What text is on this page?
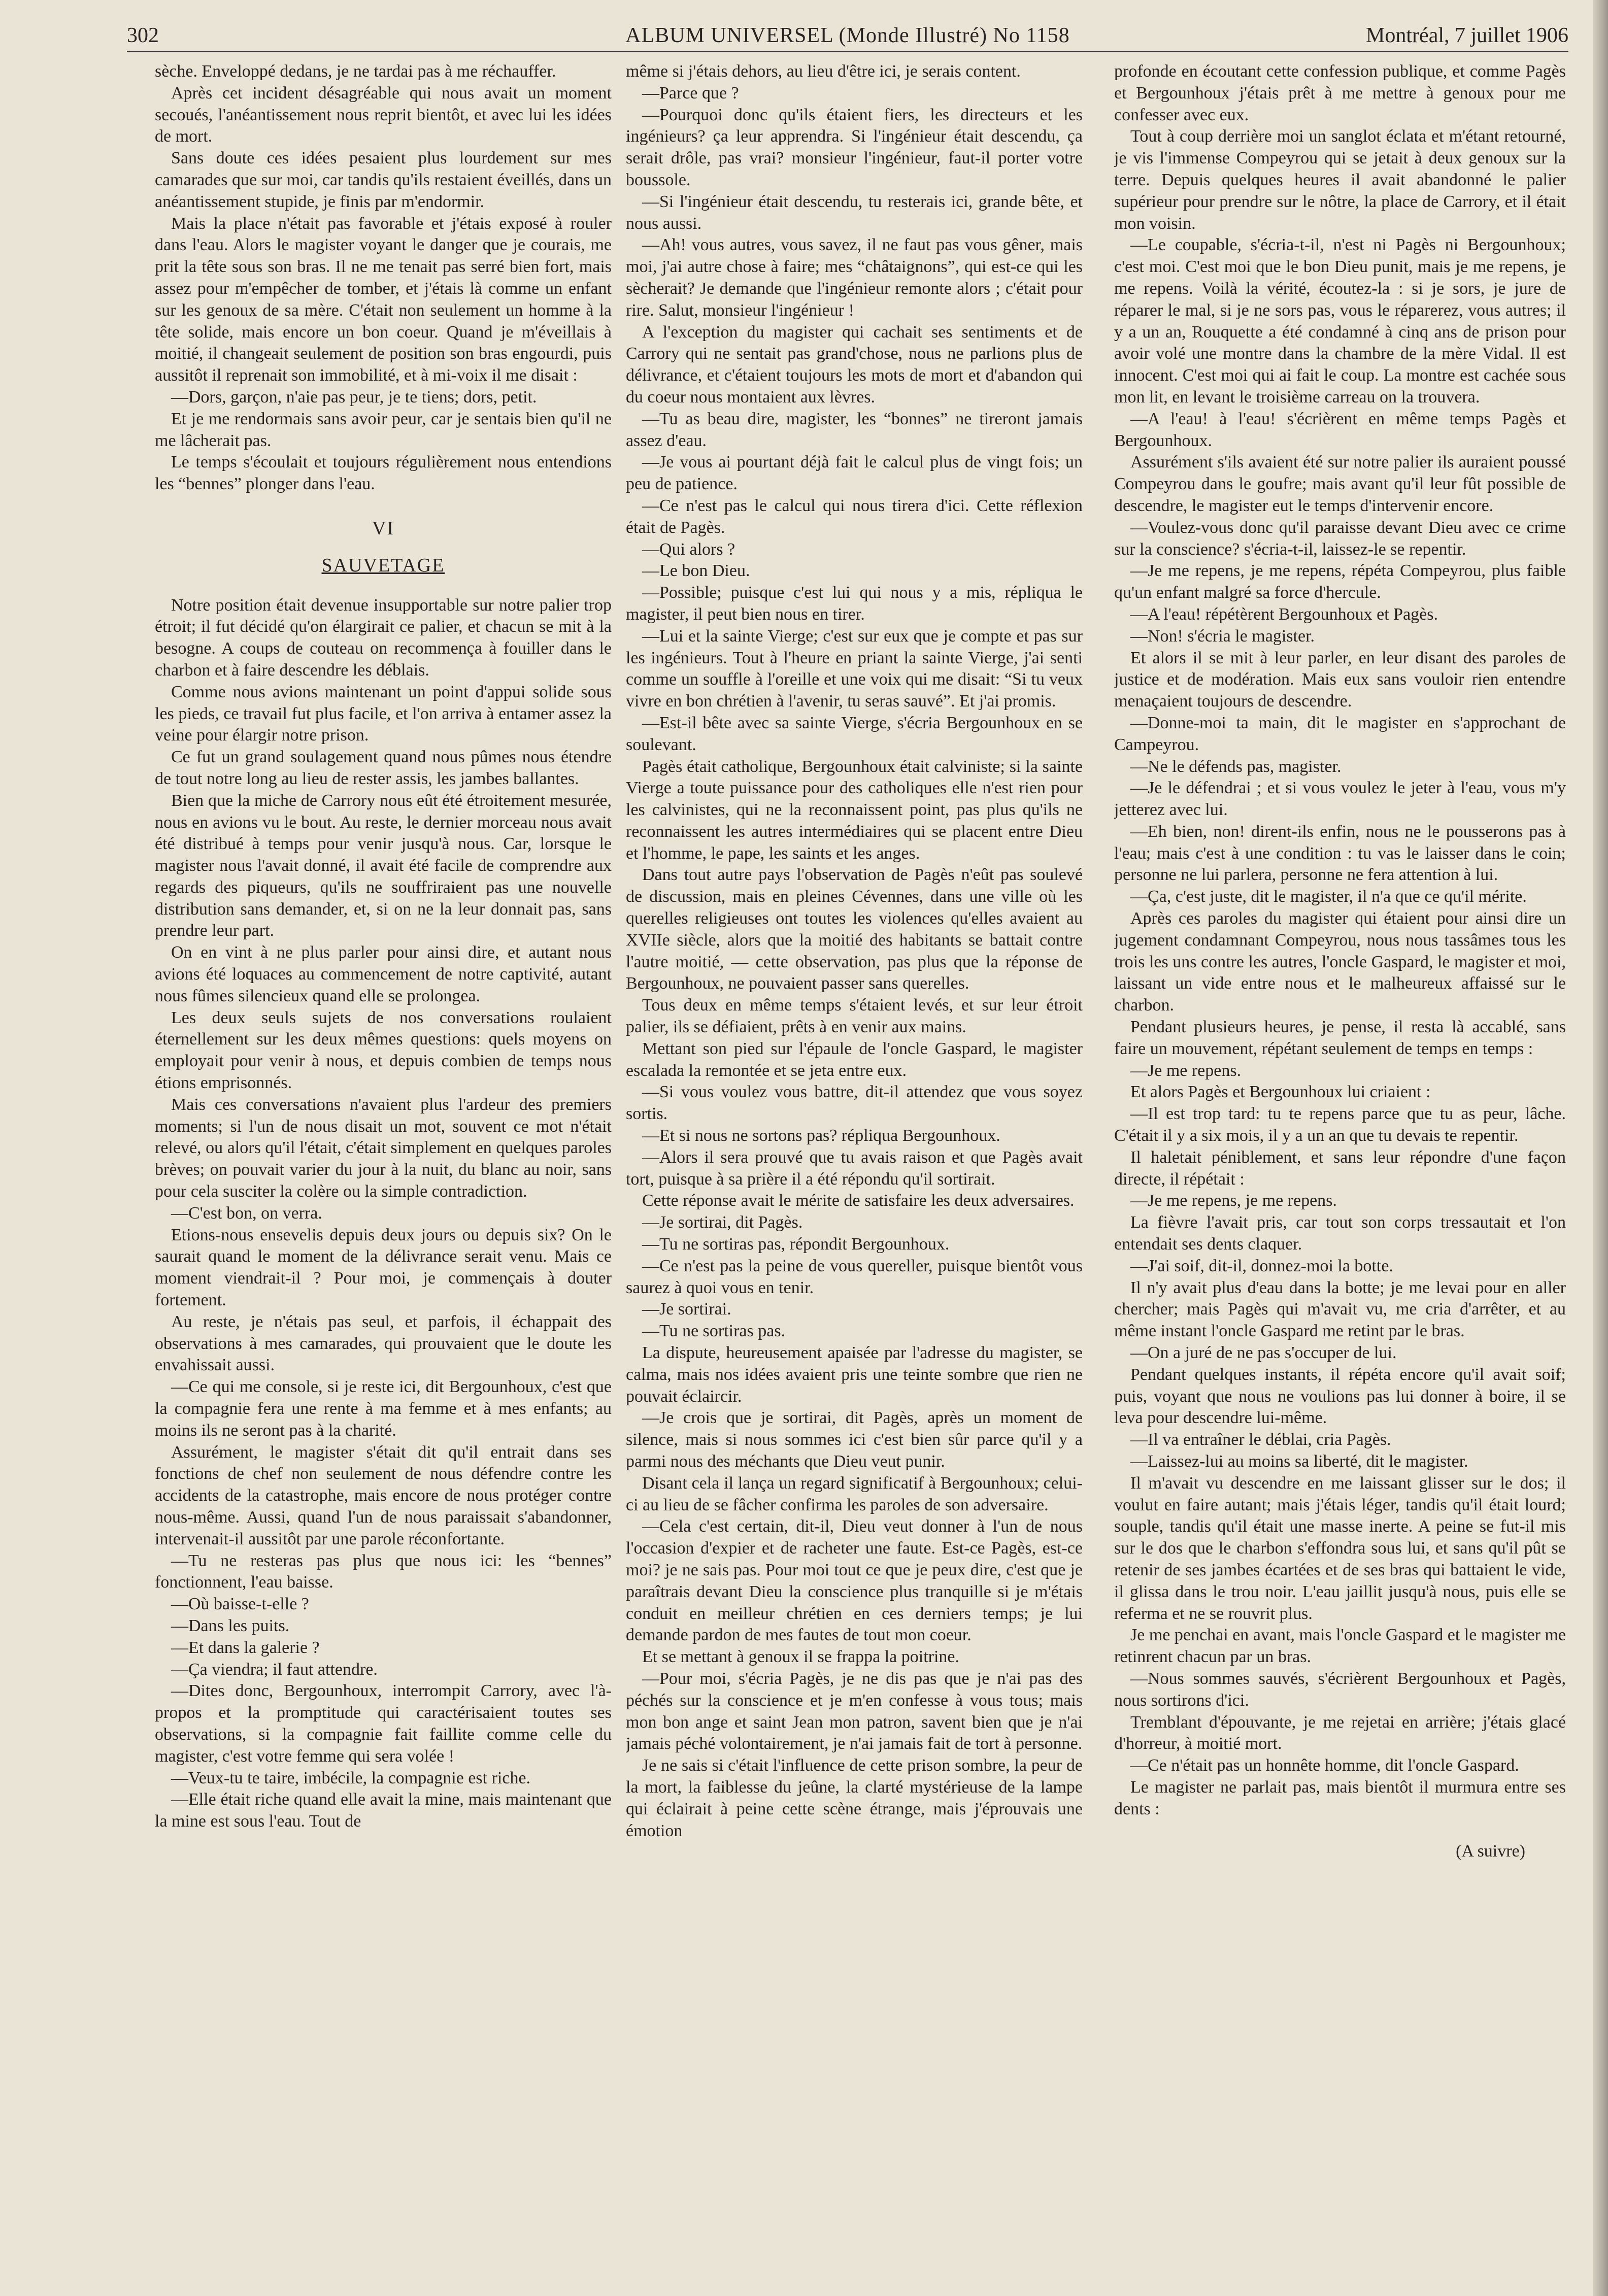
302	ALBUM UNIVERSEL (Monde Illustré) No 1158	Montréal, 7 juillet 1906

sèche. Enveloppé dedans, je ne tardai pas à me réchauffer.

Après cet incident désagréable qui nous avait un moment secoués, l'anéantissement nous reprit bientôt, et avec lui les idées de mort.

Sans doute ces idées pesaient plus lourdement sur mes camarades que sur moi, car tandis qu'ils restaient éveillés, dans un anéantissement stupide, je finis par m'endormir.

Mais la place n'était pas favorable et j'étais exposé à rouler dans l'eau. Alors le magister voyant le danger que je courais, me prit la tête sous son bras. Il ne me tenait pas serré bien fort, mais assez pour m'empêcher de tomber, et j'étais là comme un enfant sur les genoux de sa mère. C'était non seulement un homme à la tête solide, mais encore un bon coeur. Quand je m'éveillais à moitié, il changeait seulement de position son bras engourdi, puis aussitôt il reprenait son immobilité, et à mi-voix il me disait :

—Dors, garçon, n'aie pas peur, je te tiens; dors, petit.

Et je me rendormais sans avoir peur, car je sentais bien qu'il ne me lâcherait pas.

Le temps s'écoulait et toujours régulièrement nous entendions les “bennes” plonger dans l'eau.

VI

SAUVETAGE

Notre position était devenue insupportable sur notre palier trop étroit; il fut décidé qu'on élargirait ce palier, et chacun se mit à la besogne. A coups de couteau on recommença à fouiller dans le charbon et à faire descendre les déblais.

Comme nous avions maintenant un point d'appui solide sous les pieds, ce travail fut plus facile, et l'on arriva à entamer assez la veine pour élargir notre prison.

Ce fut un grand soulagement quand nous pûmes nous étendre de tout notre long au lieu de rester assis, les jambes ballantes.

Bien que la miche de Carrory nous eût été étroitement mesurée, nous en avions vu le bout. Au reste, le dernier morceau nous avait été distribué à temps pour venir jusqu'à nous. Car, lorsque le magister nous l'avait donné, il avait été facile de comprendre aux regards des piqueurs, qu'ils ne souffriraient pas une nouvelle distribution sans demander, et, si on ne la leur donnait pas, sans prendre leur part.

On en vint à ne plus parler pour ainsi dire, et autant nous avions été loquaces au commencement de notre captivité, autant nous fûmes silencieux quand elle se prolongea.

Les deux seuls sujets de nos conversations roulaient éternellement sur les deux mêmes questions: quels moyens on employait pour venir à nous, et depuis combien de temps nous étions emprisonnés.

Mais ces conversations n'avaient plus l'ardeur des premiers moments; si l'un de nous disait un mot, souvent ce mot n'était relevé, ou alors qu'il l'était, c'était simplement en quelques paroles brèves; on pouvait varier du jour à la nuit, du blanc au noir, sans pour cela susciter la colère ou la simple contradiction.

—C'est bon, on verra.

Etions-nous ensevelis depuis deux jours ou depuis six? On le saurait quand le moment de la délivrance serait venu. Mais ce moment viendrait-il ? Pour moi, je commençais à douter fortement.

Au reste, je n'étais pas seul, et parfois, il échappait des observations à mes camarades, qui prouvaient que le doute les envahissait aussi.

—Ce qui me console, si je reste ici, dit Bergounhoux, c'est que la compagnie fera une rente à ma femme et à mes enfants; au moins ils ne seront pas à la charité.

Assurément, le magister s'était dit qu'il entrait dans ses fonctions de chef non seulement de nous défendre contre les accidents de la catastrophe, mais encore de nous protéger contre nous-même. Aussi, quand l'un de nous paraissait s'abandonner, intervenait-il aussitôt par une parole réconfortante.

—Tu ne resteras pas plus que nous ici: les “bennes” fonctionnent, l'eau baisse.

—Où baisse-t-elle ?

—Dans les puits.

—Et dans la galerie ?

—Ça viendra; il faut attendre.

—Dites donc, Bergounhoux, interrompit Carrory, avec l'à-propos et la promptitude qui caractérisaient toutes ses observations, si la compagnie fait faillite comme celle du magister, c'est votre femme qui sera volée !

—Veux-tu te taire, imbécile, la compagnie est riche.

—Elle était riche quand elle avait la mine, mais maintenant que la mine est sous l'eau. Tout de

même si j'étais dehors, au lieu d'être ici, je serais content.

—Parce que ?

—Pourquoi donc qu'ils étaient fiers, les directeurs et les ingénieurs? ça leur apprendra. Si l'ingénieur était descendu, ça serait drôle, pas vrai? monsieur l'ingénieur, faut-il porter votre boussole.

—Si l'ingénieur était descendu, tu resterais ici, grande bête, et nous aussi.

—Ah! vous autres, vous savez, il ne faut pas vous gêner, mais moi, j'ai autre chose à faire; mes “châtaignons”, qui est-ce qui les sècherait? Je demande que l'ingénieur remonte alors ; c'était pour rire. Salut, monsieur l'ingénieur !

A l'exception du magister qui cachait ses sentiments et de Carrory qui ne sentait pas grand'chose, nous ne parlions plus de délivrance, et c'étaient toujours les mots de mort et d'abandon qui du coeur nous montaient aux lèvres.

—Tu as beau dire, magister, les “bonnes” ne tireront jamais assez d'eau.

—Je vous ai pourtant déjà fait le calcul plus de vingt fois; un peu de patience.

—Ce n'est pas le calcul qui nous tirera d'ici. Cette réflexion était de Pagès.

—Qui alors ?

—Le bon Dieu.

—Possible; puisque c'est lui qui nous y a mis, répliqua le magister, il peut bien nous en tirer.

—Lui et la sainte Vierge; c'est sur eux que je compte et pas sur les ingénieurs. Tout à l'heure en priant la sainte Vierge, j'ai senti comme un souffle à l'oreille et une voix qui me disait: “Si tu veux vivre en bon chrétien à l'avenir, tu seras sauvé”. Et j'ai promis.

—Est-il bête avec sa sainte Vierge, s'écria Bergounhoux en se soulevant.

Pagès était catholique, Bergounhoux était calviniste; si la sainte Vierge a toute puissance pour des catholiques elle n'est rien pour les calvinistes, qui ne la reconnaissent point, pas plus qu'ils ne reconnaissent les autres intermédiaires qui se placent entre Dieu et l'homme, le pape, les saints et les anges.

Dans tout autre pays l'observation de Pagès n'eût pas soulevé de discussion, mais en pleines Cévennes, dans une ville où les querelles religieuses ont toutes les violences qu'elles avaient au XVIIe siècle, alors que la moitié des habitants se battait contre l'autre moitié, — cette observation, pas plus que la réponse de Bergounhoux, ne pouvaient passer sans querelles.

Tous deux en même temps s'étaient levés, et sur leur étroit palier, ils se défiaient, prêts à en venir aux mains.

Mettant son pied sur l'épaule de l'oncle Gaspard, le magister escalada la remontée et se jeta entre eux.

—Si vous voulez vous battre, dit-il attendez que vous soyez sortis.

—Et si nous ne sortons pas? répliqua Bergounhoux.

—Alors il sera prouvé que tu avais raison et que Pagès avait tort, puisque à sa prière il a été répondu qu'il sortirait.

Cette réponse avait le mérite de satisfaire les deux adversaires.

—Je sortirai, dit Pagès.

—Tu ne sortiras pas, répondit Bergounhoux.

—Ce n'est pas la peine de vous quereller, puisque bientôt vous saurez à quoi vous en tenir.

—Je sortirai.

—Tu ne sortiras pas.

La dispute, heureusement apaisée par l'adresse du magister, se calma, mais nos idées avaient pris une teinte sombre que rien ne pouvait éclaircir.

—Je crois que je sortirai, dit Pagès, après un moment de silence, mais si nous sommes ici c'est bien sûr parce qu'il y a parmi nous des méchants que Dieu veut punir.

Disant cela il lança un regard significatif à Bergounhoux; celui-ci au lieu de se fâcher confirma les paroles de son adversaire.

—Cela c'est certain, dit-il, Dieu veut donner à l'un de nous l'occasion d'expier et de racheter une faute. Est-ce Pagès, est-ce moi? je ne sais pas. Pour moi tout ce que je peux dire, c'est que je paraîtrais devant Dieu la conscience plus tranquille si je m'étais conduit en meilleur chrétien en ces derniers temps; je lui demande pardon de mes fautes de tout mon coeur.

Et se mettant à genoux il se frappa la poitrine.

—Pour moi, s'écria Pagès, je ne dis pas que je n'ai pas des péchés sur la conscience et je m'en confesse à vous tous; mais mon bon ange et saint Jean mon patron, savent bien que je n'ai jamais péché volontairement, je n'ai jamais fait de tort à personne.

Je ne sais si c'était l'influence de cette prison sombre, la peur de la mort, la faiblesse du jeûne, la clarté mystérieuse de la lampe qui éclairait à peine cette scène étrange, mais j'éprouvais une émotion

profonde en écoutant cette confession publique, et comme Pagès et Bergounhoux j'étais prêt à me mettre à genoux pour me confesser avec eux.

Tout à coup derrière moi un sanglot éclata et m'étant retourné, je vis l'immense Compeyrou qui se jetait à deux genoux sur la terre. Depuis quelques heures il avait abandonné le palier supérieur pour prendre sur le nôtre, la place de Carrory, et il était mon voisin.

—Le coupable, s'écria-t-il, n'est ni Pagès ni Bergounhoux; c'est moi. C'est moi que le bon Dieu punit, mais je me repens, je me repens. Voilà la vérité, écoutez-la : si je sors, je jure de réparer le mal, si je ne sors pas, vous le réparerez, vous autres; il y a un an, Rouquette a été condamné à cinq ans de prison pour avoir volé une montre dans la chambre de la mère Vidal. Il est innocent. C'est moi qui ai fait le coup. La montre est cachée sous mon lit, en levant le troisième carreau on la trouvera.

—A l'eau! à l'eau! s'écrièrent en même temps Pagès et Bergounhoux.

Assurément s'ils avaient été sur notre palier ils auraient poussé Compeyrou dans le goufre; mais avant qu'il leur fût possible de descendre, le magister eut le temps d'intervenir encore.

—Voulez-vous donc qu'il paraisse devant Dieu avec ce crime sur la conscience? s'écria-t-il, laissez-le se repentir.

—Je me repens, je me repens, répéta Compeyrou, plus faible qu'un enfant malgré sa force d'hercule.

—A l'eau! répétèrent Bergounhoux et Pagès.

—Non! s'écria le magister.

Et alors il se mit à leur parler, en leur disant des paroles de justice et de modération. Mais eux sans vouloir rien entendre menaçaient toujours de descendre.

—Donne-moi ta main, dit le magister en s'approchant de Campeyrou.

—Ne le défends pas, magister.

—Je le défendrai ; et si vous voulez le jeter à l'eau, vous m'y jetterez avec lui.

—Eh bien, non! dirent-ils enfin, nous ne le pousserons pas à l'eau; mais c'est à une condition : tu vas le laisser dans le coin; personne ne lui parlera, personne ne fera attention à lui.

—Ça, c'est juste, dit le magister, il n'a que ce qu'il mérite.

Après ces paroles du magister qui étaient pour ainsi dire un jugement condamnant Compeyrou, nous nous tassâmes tous les trois les uns contre les autres, l'oncle Gaspard, le magister et moi, laissant un vide entre nous et le malheureux affaissé sur le charbon.

Pendant plusieurs heures, je pense, il resta là accablé, sans faire un mouvement, répétant seulement de temps en temps :

—Je me repens.

Et alors Pagès et Bergounhoux lui criaient :

—Il est trop tard: tu te repens parce que tu as peur, lâche. C'était il y a six mois, il y a un an que tu devais te repentir.

Il haletait péniblement, et sans leur répondre d'une façon directe, il répétait :

—Je me repens, je me repens.

La fièvre l'avait pris, car tout son corps tressautait et l'on entendait ses dents claquer.

—J'ai soif, dit-il, donnez-moi la botte.

Il n'y avait plus d'eau dans la botte; je me levai pour en aller chercher; mais Pagès qui m'avait vu, me cria d'arrêter, et au même instant l'oncle Gaspard me retint par le bras.

—On a juré de ne pas s'occuper de lui.

Pendant quelques instants, il répéta encore qu'il avait soif; puis, voyant que nous ne voulions pas lui donner à boire, il se leva pour descendre lui-même.

—Il va entraîner le déblai, cria Pagès.

—Laissez-lui au moins sa liberté, dit le magister.

Il m'avait vu descendre en me laissant glisser sur le dos; il voulut en faire autant; mais j'étais léger, tandis qu'il était lourd; souple, tandis qu'il était une masse inerte. A peine se fut-il mis sur le dos que le charbon s'effondra sous lui, et sans qu'il pût se retenir de ses jambes écartées et de ses bras qui battaient le vide, il glissa dans le trou noir. L'eau jaillit jusqu'à nous, puis elle se referma et ne se rouvrit plus.

Je me penchai en avant, mais l'oncle Gaspard et le magister me retinrent chacun par un bras.

—Nous sommes sauvés, s'écrièrent Bergounhoux et Pagès, nous sortirons d'ici.

Tremblant d'épouvante, je me rejetai en arrière; j'étais glacé d'horreur, à moitié mort.

—Ce n'était pas un honnête homme, dit l'oncle Gaspard.

Le magister ne parlait pas, mais bientôt il murmura entre ses dents :

(A suivre)
